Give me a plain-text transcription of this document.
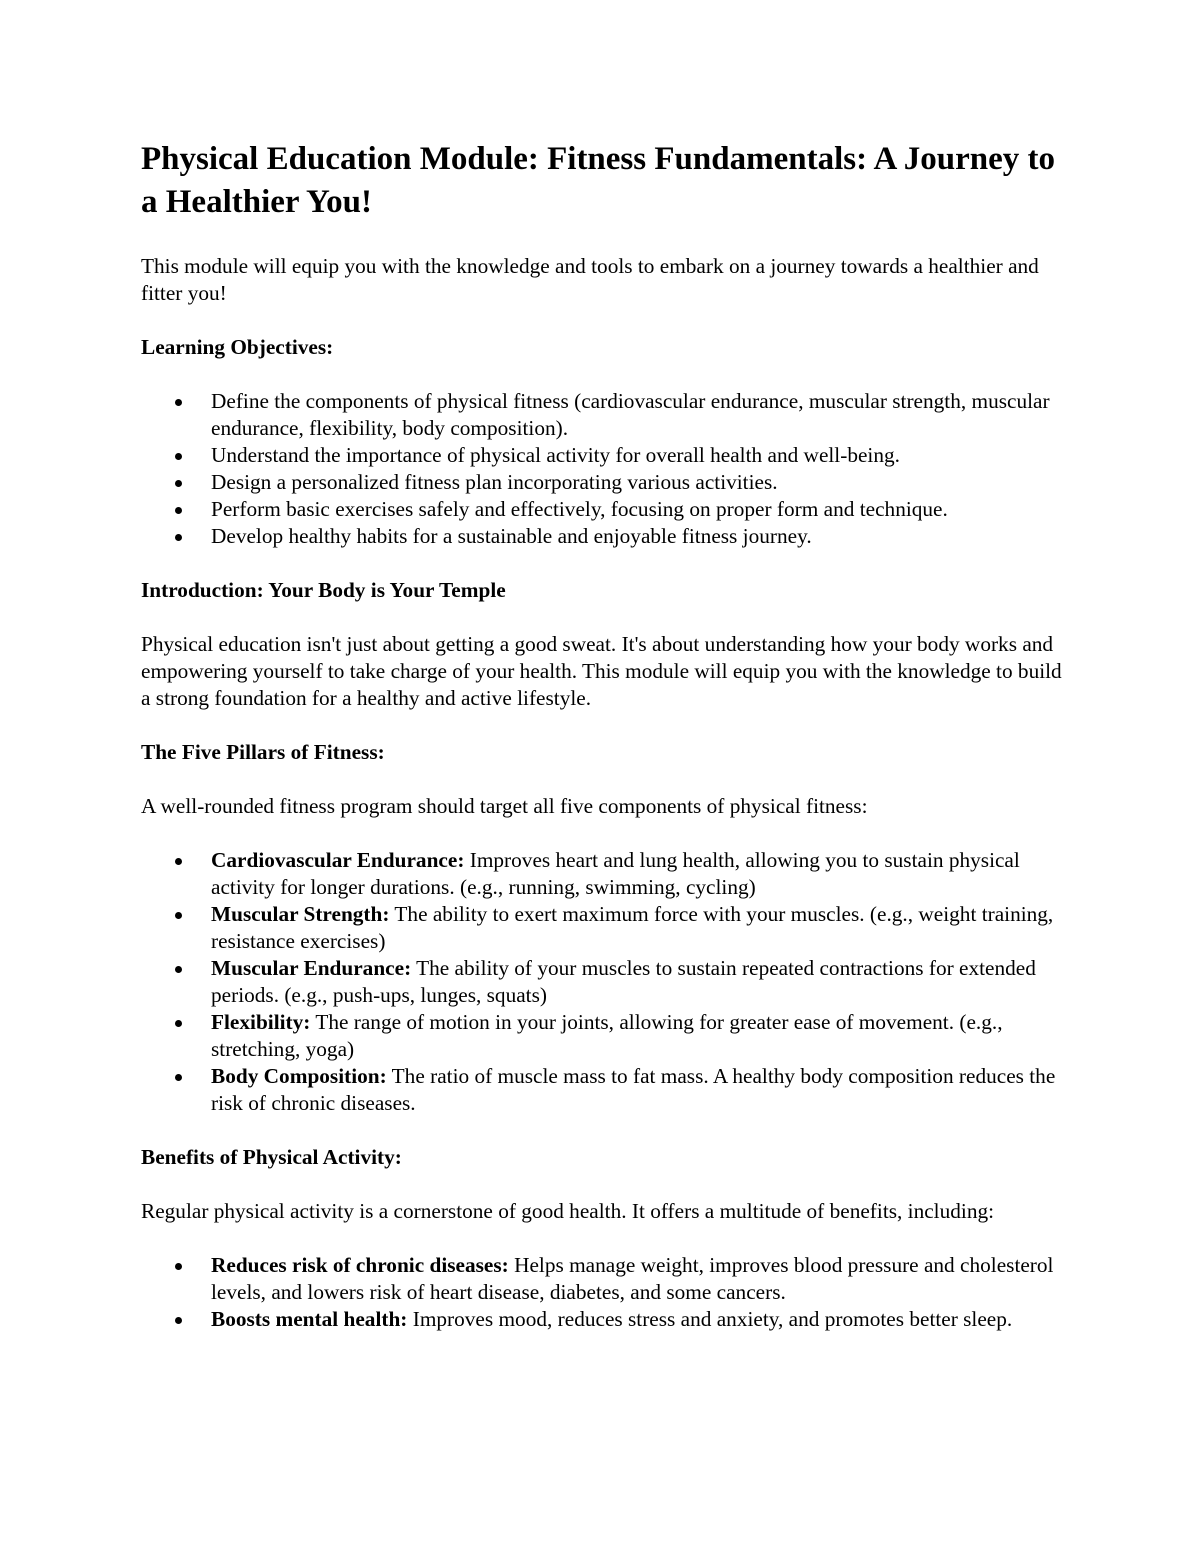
Physical Education Module: Fitness Fundamentals: A Journey to a Healthier You!

This module will equip you with the knowledge and tools to embark on a journey towards a healthier and fitter you!

Learning Objectives:

Define the components of physical fitness (cardiovascular endurance, muscular strength, muscular endurance, flexibility, body composition).
Understand the importance of physical activity for overall health and well-being.
Design a personalized fitness plan incorporating various activities.
Perform basic exercises safely and effectively, focusing on proper form and technique.
Develop healthy habits for a sustainable and enjoyable fitness journey.

Introduction: Your Body is Your Temple

Physical education isn't just about getting a good sweat. It's about understanding how your body works and empowering yourself to take charge of your health. This module will equip you with the knowledge to build a strong foundation for a healthy and active lifestyle.

The Five Pillars of Fitness:

A well-rounded fitness program should target all five components of physical fitness:

Cardiovascular Endurance: Improves heart and lung health, allowing you to sustain physical activity for longer durations. (e.g., running, swimming, cycling)
Muscular Strength: The ability to exert maximum force with your muscles. (e.g., weight training, resistance exercises)
Muscular Endurance: The ability of your muscles to sustain repeated contractions for extended periods. (e.g., push-ups, lunges, squats)
Flexibility: The range of motion in your joints, allowing for greater ease of movement. (e.g., stretching, yoga)
Body Composition: The ratio of muscle mass to fat mass. A healthy body composition reduces the risk of chronic diseases.

Benefits of Physical Activity:

Regular physical activity is a cornerstone of good health. It offers a multitude of benefits, including:

Reduces risk of chronic diseases: Helps manage weight, improves blood pressure and cholesterol levels, and lowers risk of heart disease, diabetes, and some cancers.
Boosts mental health: Improves mood, reduces stress and anxiety, and promotes better sleep.
